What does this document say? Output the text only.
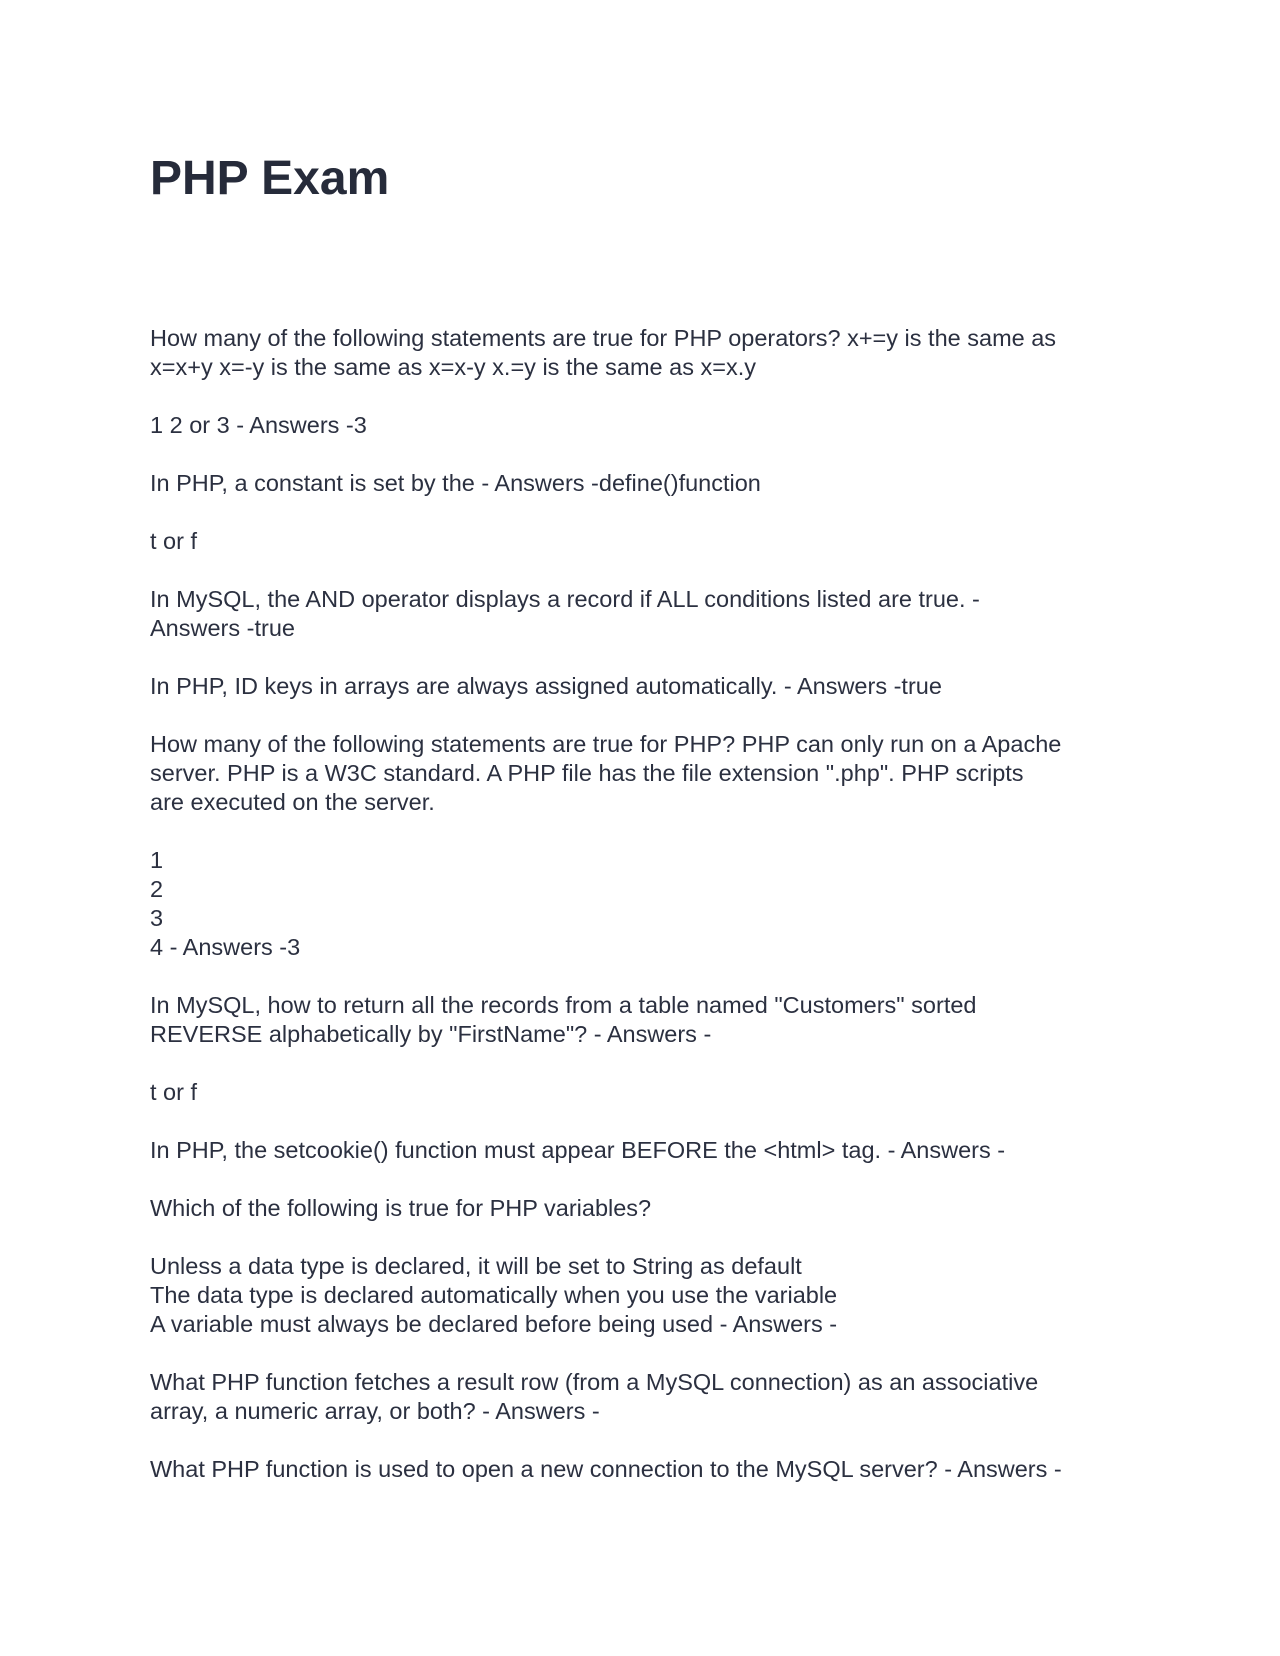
PHP Exam

How many of the following statements are true for PHP operators? x+=y is the same as
x=x+y x=-y is the same as x=x-y x.=y is the same as x=x.y

1 2 or 3 - Answers -3

In PHP, a constant is set by the - Answers -define()function

t or f

In MySQL, the AND operator displays a record if ALL conditions listed are true. -
Answers -true

In PHP, ID keys in arrays are always assigned automatically. - Answers -true

How many of the following statements are true for PHP? PHP can only run on a Apache
server. PHP is a W3C standard. A PHP file has the file extension ".php". PHP scripts
are executed on the server.

1
2
3
4 - Answers -3

In MySQL, how to return all the records from a table named "Customers" sorted
REVERSE alphabetically by "FirstName"? - Answers -

t or f

In PHP, the setcookie() function must appear BEFORE the <html> tag. - Answers -

Which of the following is true for PHP variables?

Unless a data type is declared, it will be set to String as default
The data type is declared automatically when you use the variable
A variable must always be declared before being used - Answers -

What PHP function fetches a result row (from a MySQL connection) as an associative
array, a numeric array, or both? - Answers -

What PHP function is used to open a new connection to the MySQL server? - Answers -
